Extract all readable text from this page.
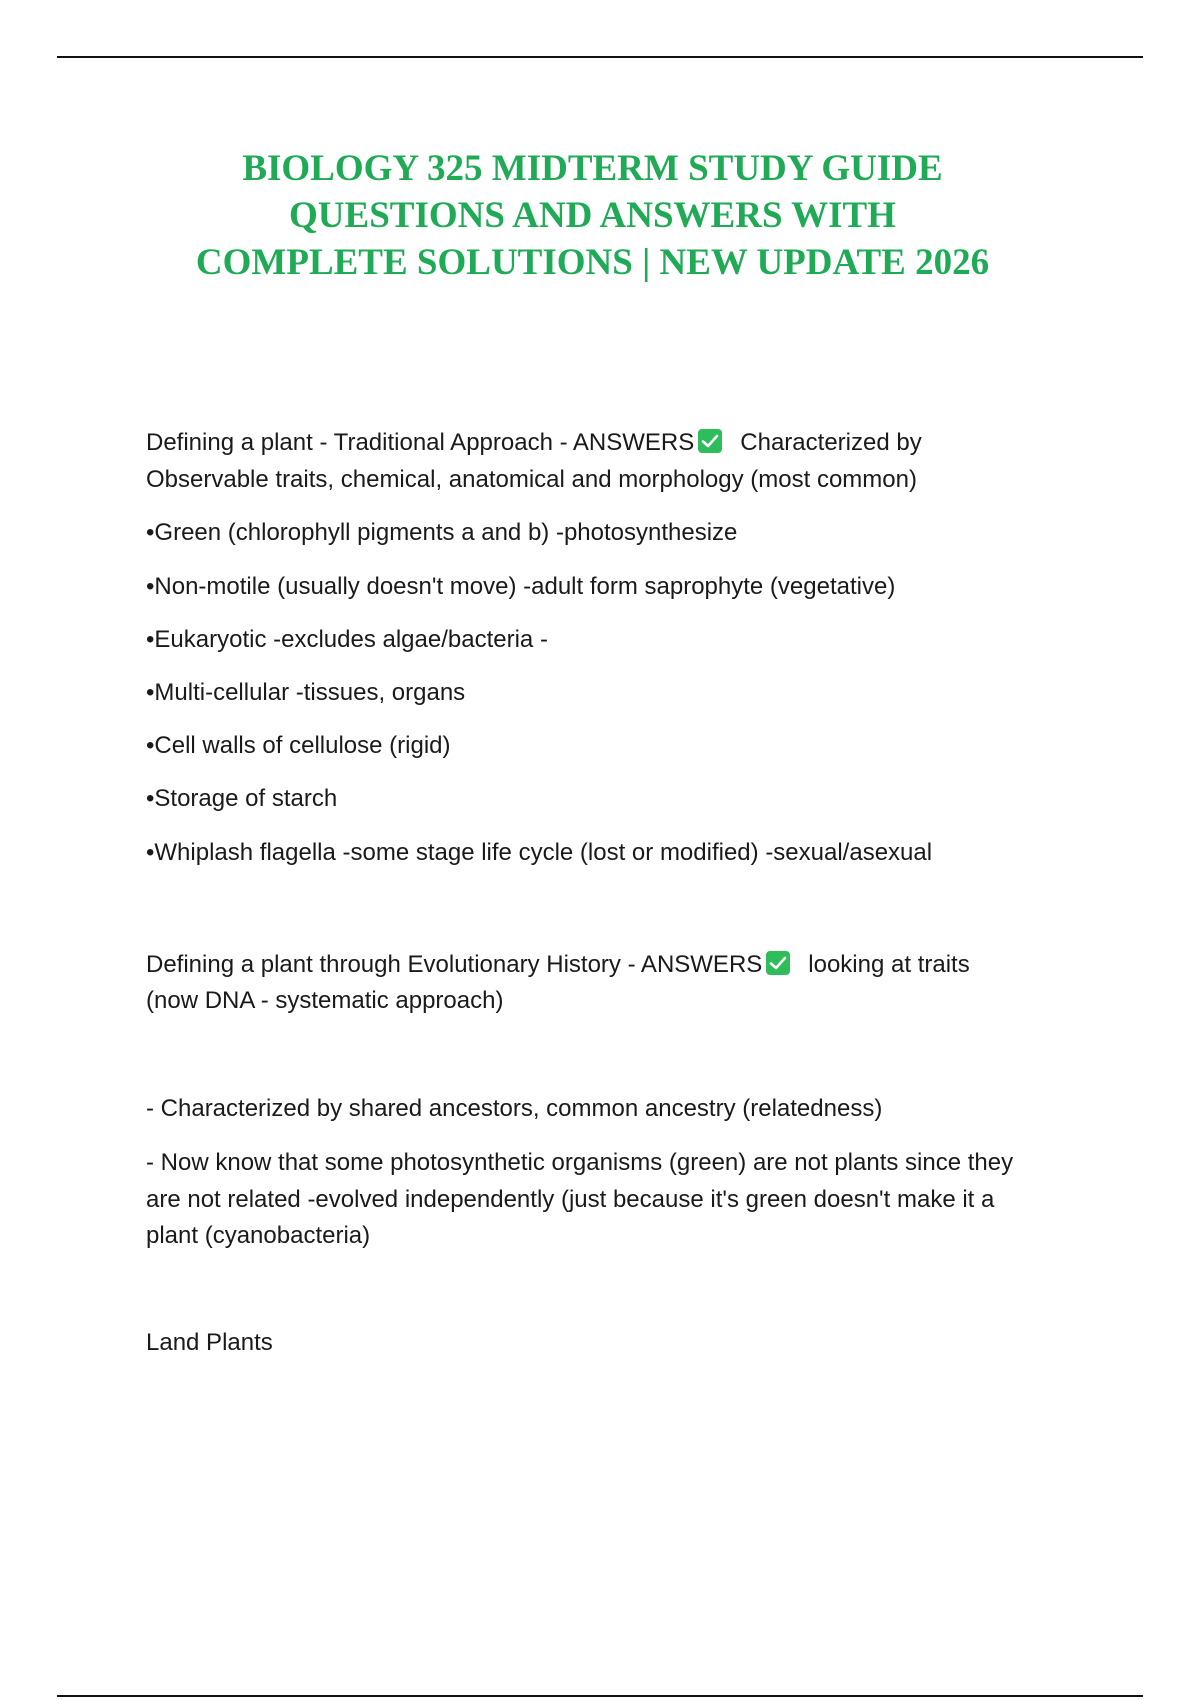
BIOLOGY 325 MIDTERM STUDY GUIDE
QUESTIONS AND ANSWERS WITH
COMPLETE SOLUTIONS | NEW UPDATE 2026
Defining a plant - Traditional Approach - ANSWERS Characterized by
Observable traits, chemical, anatomical and morphology (most common)
•Green (chlorophyll pigments a and b) -photosynthesize
•Non-motile (usually doesn't move) -adult form saprophyte (vegetative)
•Eukaryotic -excludes algae/bacteria -
•Multi-cellular -tissues, organs
•Cell walls of cellulose (rigid)
•Storage of starch
•Whiplash flagella -some stage life cycle (lost or modified) -sexual/asexual
Defining a plant through Evolutionary History - ANSWERS looking at traits
(now DNA - systematic approach)
- Characterized by shared ancestors, common ancestry (relatedness)
- Now know that some photosynthetic organisms (green) are not plants since they
are not related -evolved independently (just because it's green doesn't make it a
plant (cyanobacteria)
Land Plants
